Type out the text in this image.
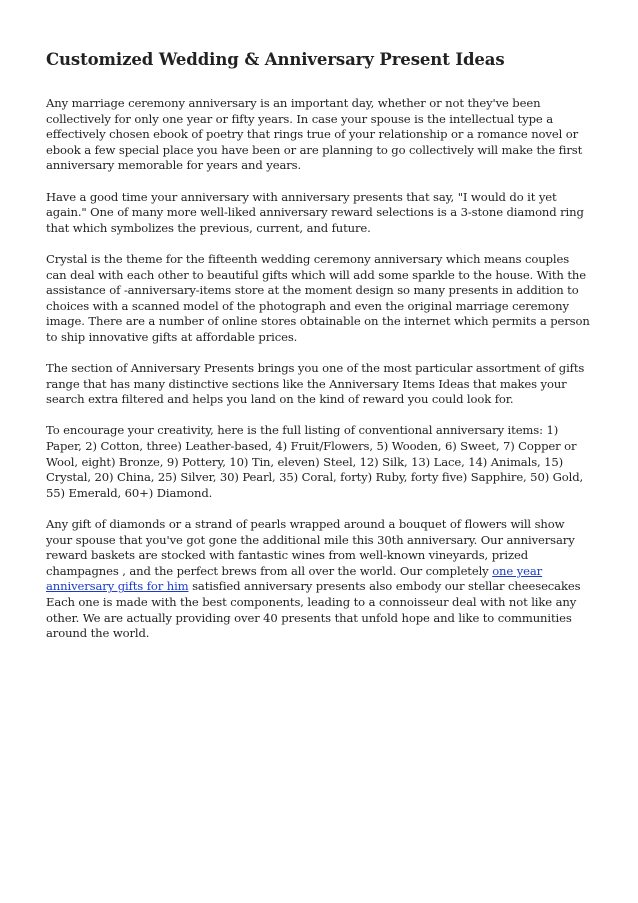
Customized Wedding & Anniversary Present Ideas

Any marriage ceremony anniversary is an important day, whether or not they've been collectively for only one year or fifty years. In case your spouse is the intellectual type a effectively chosen ebook of poetry that rings true of your relationship or a romance novel or ebook a few special place you have been or are planning to go collectively will make the first anniversary memorable for years and years.

Have a good time your anniversary with anniversary presents that say, "I would do it yet again." One of many more well-liked anniversary reward selections is a 3-stone diamond ring that which symbolizes the previous, current, and future.

Crystal is the theme for the fifteenth wedding ceremony anniversary which means couples can deal with each other to beautiful gifts which will add some sparkle to the house. With the assistance of -anniversary-items store at the moment design so many presents in addition to choices with a scanned model of the photograph and even the original marriage ceremony image. There are a number of online stores obtainable on the internet which permits a person to ship innovative gifts at affordable prices.

The section of Anniversary Presents brings you one of the most particular assortment of gifts range that has many distinctive sections like the Anniversary Items Ideas that makes your search extra filtered and helps you land on the kind of reward you could look for.

To encourage your creativity, here is the full listing of conventional anniversary items: 1) Paper, 2) Cotton, three) Leather-based, 4) Fruit/Flowers, 5) Wooden, 6) Sweet, 7) Copper or Wool, eight) Bronze, 9) Pottery, 10) Tin, eleven) Steel, 12) Silk, 13) Lace, 14) Animals, 15) Crystal, 20) China, 25) Silver, 30) Pearl, 35) Coral, forty) Ruby, forty five) Sapphire, 50) Gold, 55) Emerald, 60+) Diamond.

Any gift of diamonds or a strand of pearls wrapped around a bouquet of flowers will show your spouse that you've got gone the additional mile this 30th anniversary. Our anniversary reward baskets are stocked with fantastic wines from well-known vineyards, prized champagnes , and the perfect brews from all over the world. Our completely one year anniversary gifts for him satisfied anniversary presents also embody our stellar cheesecakes Each one is made with the best components, leading to a connoisseur deal with not like any other. We are actually providing over 40 presents that unfold hope and like to communities around the world.
